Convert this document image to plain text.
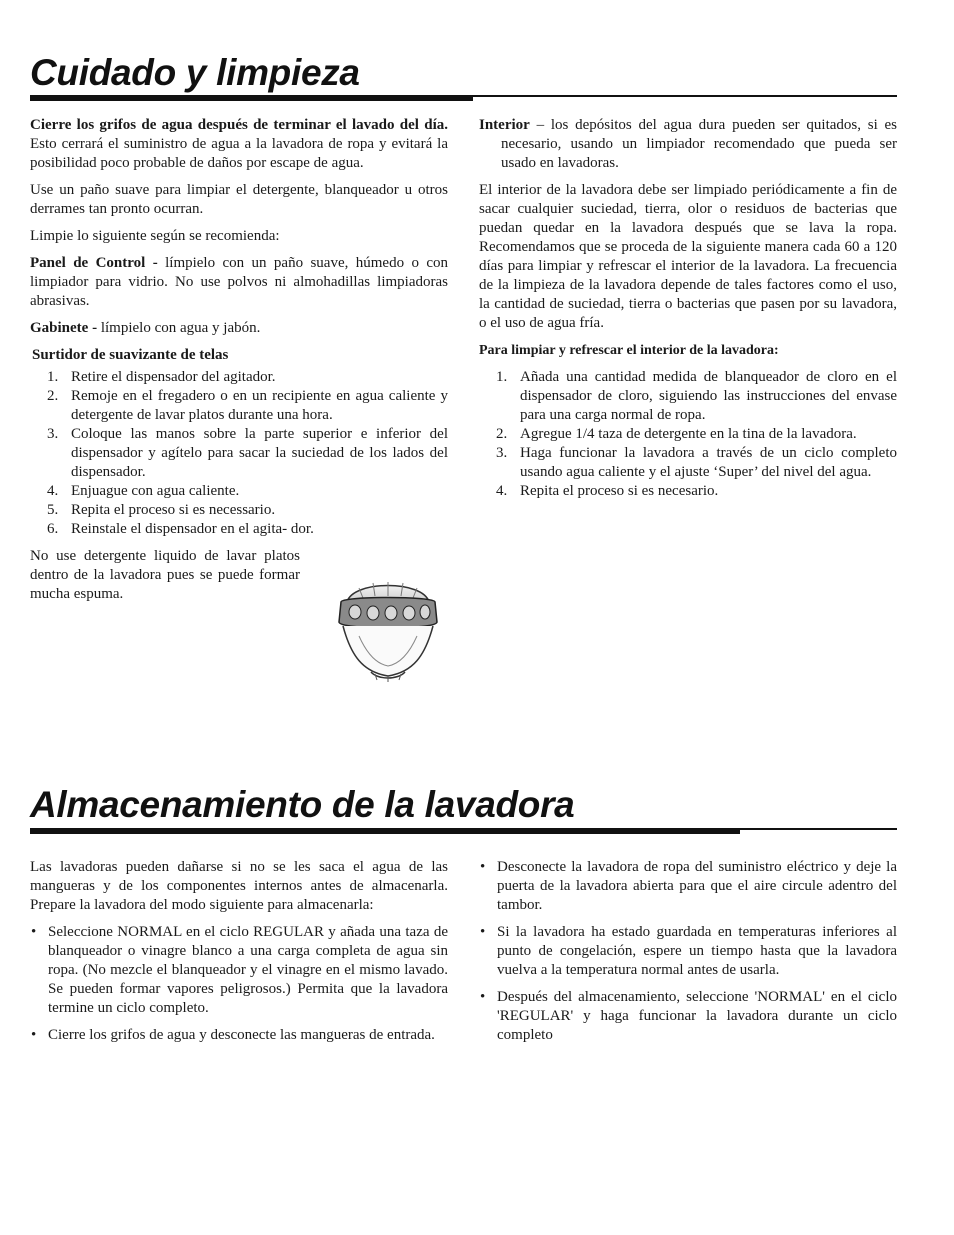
Cuidado y limpieza

Cierre los grifos de agua después de terminar el lavado del día. Esto cerrará el suministro de agua a la lavadora de ropa y evitará la posibilidad poco probable de daños por escape de agua.

Use un paño suave para limpiar el detergente, blanqueador u otros derrames tan pronto ocurran.

Limpie lo siguiente según se recomienda:

Panel de Control - límpielo con un paño suave, húmedo o con limpiador para vidrio. No use polvos ni almohadillas limpiadoras abrasivas.

Gabinete - límpielo con agua y jabón.

Surtidor de suavizante de telas
1. Retire el dispensador del agitador.
2. Remoje en el fregadero o en un recipiente en agua caliente y detergente de lavar platos durante una hora.
3. Coloque las manos sobre la parte superior e inferior del dispensador y agítelo para sacar la suciedad de los lados del dispensador.
4. Enjuague con agua caliente.
5. Repita el proceso si es necessario.
6. Reinstale el dispensador en el agita- dor.

No use detergente liquido de lavar platos dentro de la lavadora pues se puede formar mucha espuma.

Interior – los depósitos del agua dura pueden ser quitados, si es necesario, usando un limpiador recomendado que pueda ser usado en lavadoras.

El interior de la lavadora debe ser limpiado periódicamente a fin de sacar cualquier suciedad, tierra, olor o residuos de bacterias que puedan quedar en la lavadora después que se lava la ropa. Recomendamos que se proceda de la siguiente manera cada 60 a 120 días para limpiar y refrescar el interior de la lavadora. La frecuencia de la limpieza de la lavadora depende de tales factores como el uso, la cantidad de suciedad, tierra o bacterias que pasen por su lavadora, o el uso de agua fría.

Para limpiar y refrescar el interior de la lavadora:
1. Añada una cantidad medida de blanqueador de cloro en el dispensador de cloro, siguiendo las instrucciones del envase para una carga normal de ropa.
2. Agregue 1/4 taza de detergente en la tina de la lavadora.
3. Haga funcionar la lavadora a través de un ciclo completo usando agua caliente y el ajuste ‘Super’ del nivel del agua.
4. Repita el proceso si es necesario.
Almacenamiento de la lavadora

Las lavadoras pueden dañarse si no se les saca el agua de las mangueras y de los componentes internos antes de almacenarla. Prepare la lavadora del modo siguiente para almacenarla:

• Seleccione NORMAL en el ciclo REGULAR y añada una taza de blanqueador o vinagre blanco a una carga completa de agua sin ropa. (No mezcle el blanqueador y el vinagre en el mismo lavado. Se pueden formar vapores peligrosos.) Permita que la lavadora termine un ciclo completo.
• Cierre los grifos de agua y desconecte las mangueras de entrada.
• Desconecte la lavadora de ropa del suministro eléctrico y deje la puerta de la lavadora abierta para que el aire circule adentro del tambor.
• Si la lavadora ha estado guardada en temperaturas inferiores al punto de congelación, espere un tiempo hasta que la lavadora vuelva a la temperatura normal antes de usarla.
• Después del almacenamiento, seleccione 'NORMAL' en el ciclo 'REGULAR' y haga funcionar la lavadora durante un ciclo completo
